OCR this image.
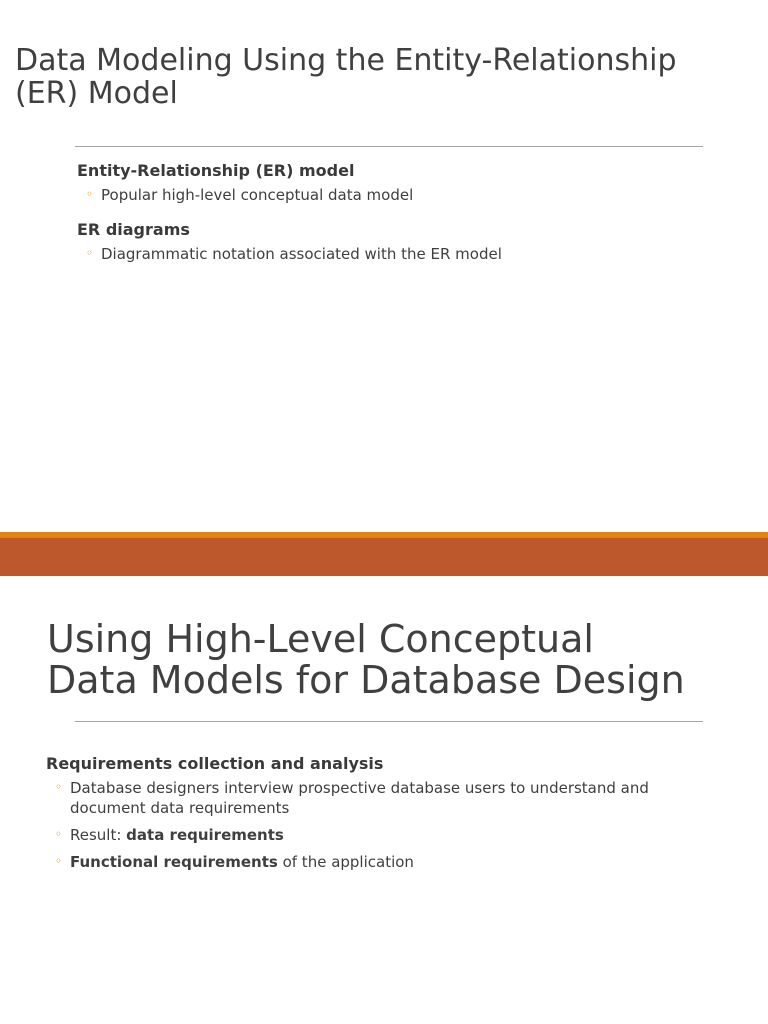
Data Modeling Using the Entity-Relationship
(ER) Model
Entity-Relationship (ER) model
◦ Popular high-level conceptual data model
ER diagrams
◦ Diagrammatic notation associated with the ER model
Using High-Level Conceptual
Data Models for Database Design
Requirements collection and analysis
◦ Database designers interview prospective database users to understand and document data requirements
◦ Result: data requirements
◦ Functional requirements of the application
